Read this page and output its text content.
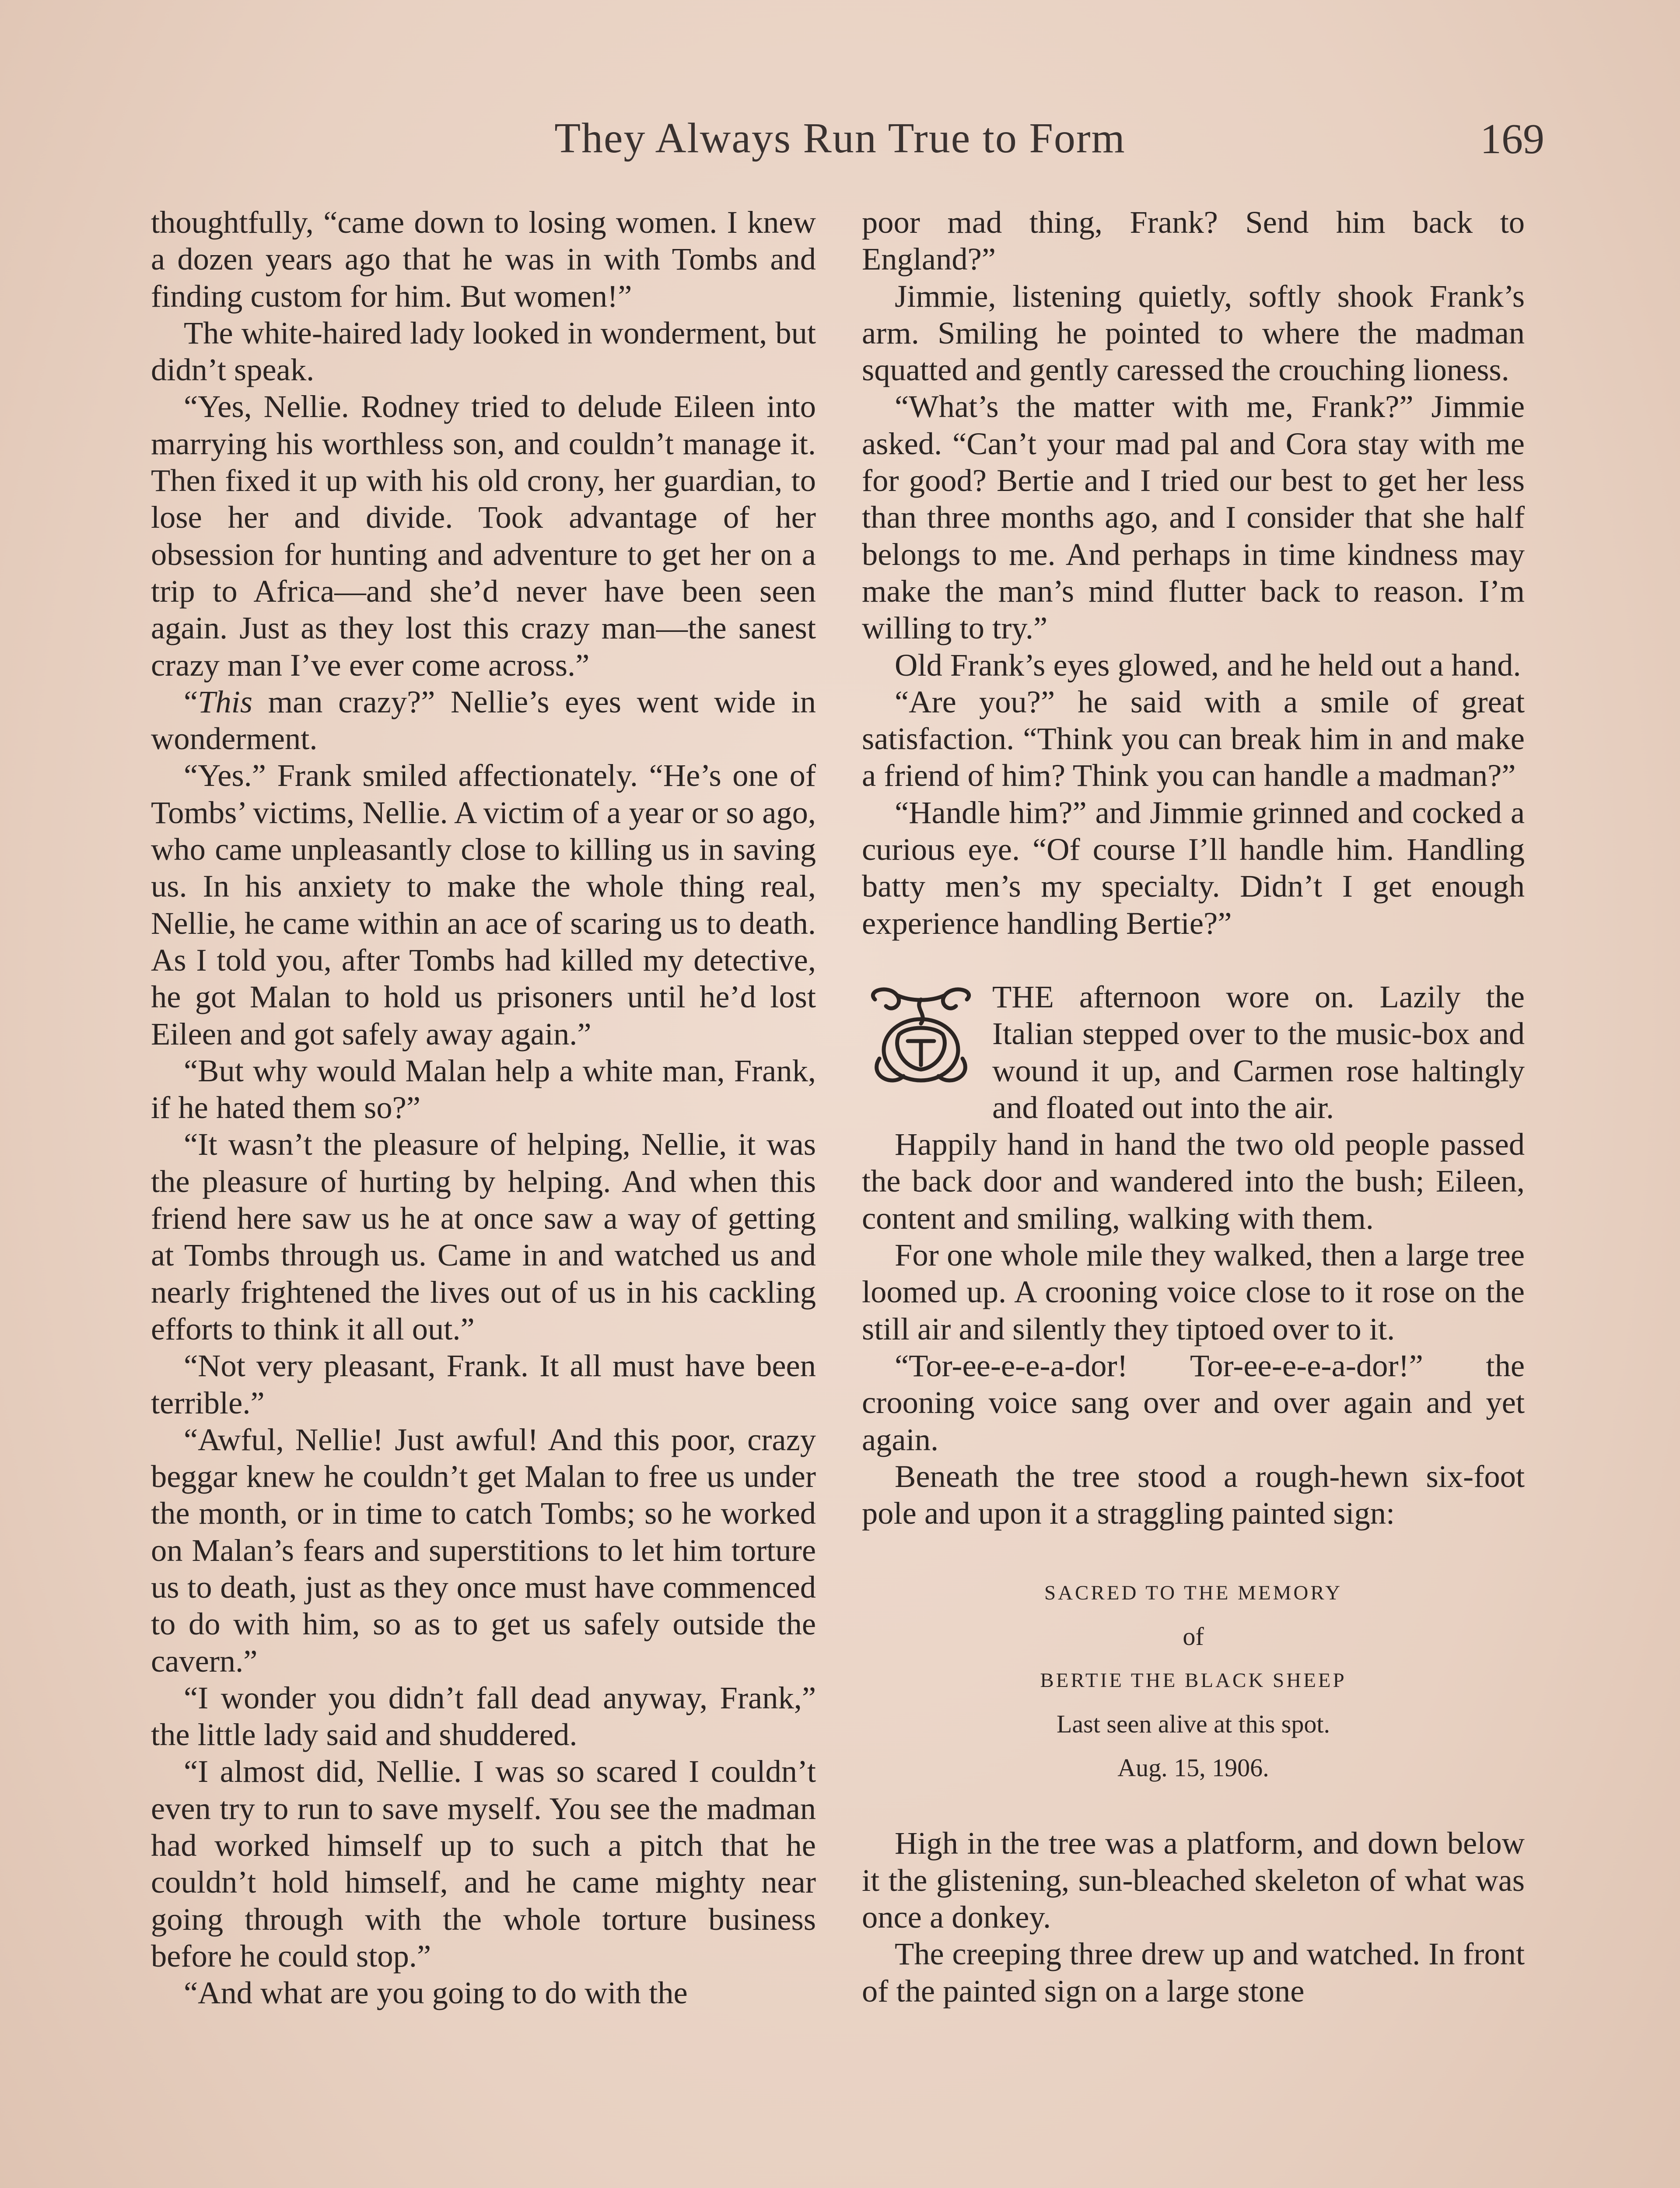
They Always Run True to Form	169

thoughtfully, “came down to losing women. I knew a dozen years ago that he was in with Tombs and finding custom for him. But women!”

The white-haired lady looked in wonderment, but didn’t speak.

“Yes, Nellie. Rodney tried to delude Eileen into marrying his worthless son, and couldn’t manage it. Then fixed it up with his old crony, her guardian, to lose her and divide. Took advantage of her obsession for hunting and adventure to get her on a trip to Africa—and she’d never have been seen again. Just as they lost this crazy man—the sanest crazy man I’ve ever come across.”

“This man crazy?” Nellie’s eyes went wide in wonderment.

“Yes.” Frank smiled affectionately. “He’s one of Tombs’ victims, Nellie. A victim of a year or so ago, who came unpleasantly close to killing us in saving us. In his anxiety to make the whole thing real, Nellie, he came within an ace of scaring us to death. As I told you, after Tombs had killed my detective, he got Malan to hold us prisoners until he’d lost Eileen and got safely away again.”

“But why would Malan help a white man, Frank, if he hated them so?”

“It wasn’t the pleasure of helping, Nellie, it was the pleasure of hurting by helping. And when this friend here saw us he at once saw a way of getting at Tombs through us. Came in and watched us and nearly frightened the lives out of us in his cackling efforts to think it all out.”

“Not very pleasant, Frank. It all must have been terrible.”

“Awful, Nellie! Just awful! And this poor, crazy beggar knew he couldn’t get Malan to free us under the month, or in time to catch Tombs; so he worked on Malan’s fears and superstitions to let him torture us to death, just as they once must have commenced to do with him, so as to get us safely outside the cavern.”

“I wonder you didn’t fall dead anyway, Frank,” the little lady said and shuddered.

“I almost did, Nellie. I was so scared I couldn’t even try to run to save myself. You see the madman had worked himself up to such a pitch that he couldn’t hold himself, and he came mighty near going through with the whole torture business before he could stop.”

“And what are you going to do with the

poor mad thing, Frank? Send him back to England?”

Jimmie, listening quietly, softly shook Frank’s arm. Smiling he pointed to where the madman squatted and gently caressed the crouching lioness.

“What’s the matter with me, Frank?” Jimmie asked. “Can’t your mad pal and Cora stay with me for good? Bertie and I tried our best to get her less than three months ago, and I consider that she half belongs to me. And perhaps in time kindness may make the man’s mind flutter back to reason. I’m willing to try.”

Old Frank’s eyes glowed, and he held out a hand.

“Are you?” he said with a smile of great satisfaction. “Think you can break him in and make a friend of him? Think you can handle a madman?”

“Handle him?” and Jimmie grinned and cocked a curious eye. “Of course I’ll handle him. Handling batty men’s my specialty. Didn’t I get enough experience handling Bertie?”

THE afternoon wore on. Lazily the Italian stepped over to the music-box and wound it up, and Carmen rose haltingly and floated out into the air.

Happily hand in hand the two old people passed the back door and wandered into the bush; Eileen, content and smiling, walking with them.

For one whole mile they walked, then a large tree loomed up. A crooning voice close to it rose on the still air and silently they tiptoed over to it.

“Tor-ee-e-e-a-dor! Tor-ee-e-e-a-dor!” the crooning voice sang over and over again and yet again.

Beneath the tree stood a rough-hewn six-foot pole and upon it a straggling painted sign:

SACRED TO THE MEMORY
of
BERTIE THE BLACK SHEEP
Last seen alive at this spot.
Aug. 15, 1906.

High in the tree was a platform, and down below it the glistening, sun-bleached skeleton of what was once a donkey.

The creeping three drew up and watched. In front of the painted sign on a large stone
